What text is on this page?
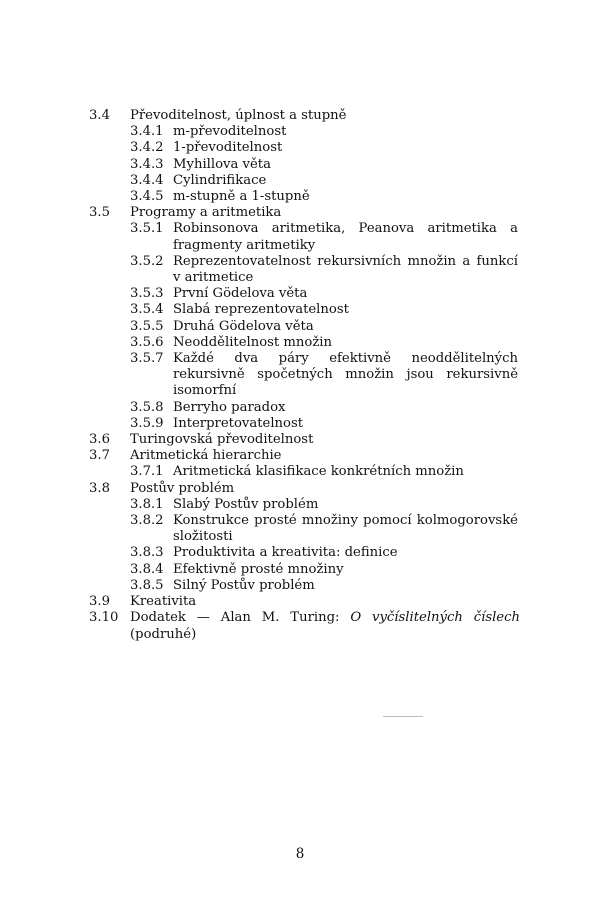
3.4 Převoditelnost, úplnost a stupně
3.4.1 m-převoditelnost
3.4.2 1-převoditelnost
3.4.3 Myhillova věta
3.4.4 Cylindrifikace
3.4.5 m-stupně a 1-stupně
3.5 Programy a aritmetika
3.5.1 Robinsonova aritmetika, Peanova aritmetika a fragmenty aritmetiky
3.5.2 Reprezentovatelnost rekursivních množin a funkcí v aritmetice
3.5.3 První Gödelova věta
3.5.4 Slabá reprezentovatelnost
3.5.5 Druhá Gödelova věta
3.5.6 Neoddělitelnost množin
3.5.7 Každé dva páry efektivně neoddělitelných rekursivně spočetných množin jsou rekursivně isomorfní
3.5.8 Berryho paradox
3.5.9 Interpretovatelnost
3.6 Turingovská převoditelnost
3.7 Aritmetická hierarchie
3.7.1 Aritmetická klasifikace konkrétních množin
3.8 Postův problém
3.8.1 Slabý Postův problém
3.8.2 Konstrukce prosté množiny pomocí kolmogorovské složitosti
3.8.3 Produktivita a kreativita: definice
3.8.4 Efektivně prosté množiny
3.8.5 Silný Postův problém
3.9 Kreativita
3.10 Dodatek — Alan M. Turing: O vyčíslitelných číslech (podruhé)
8
